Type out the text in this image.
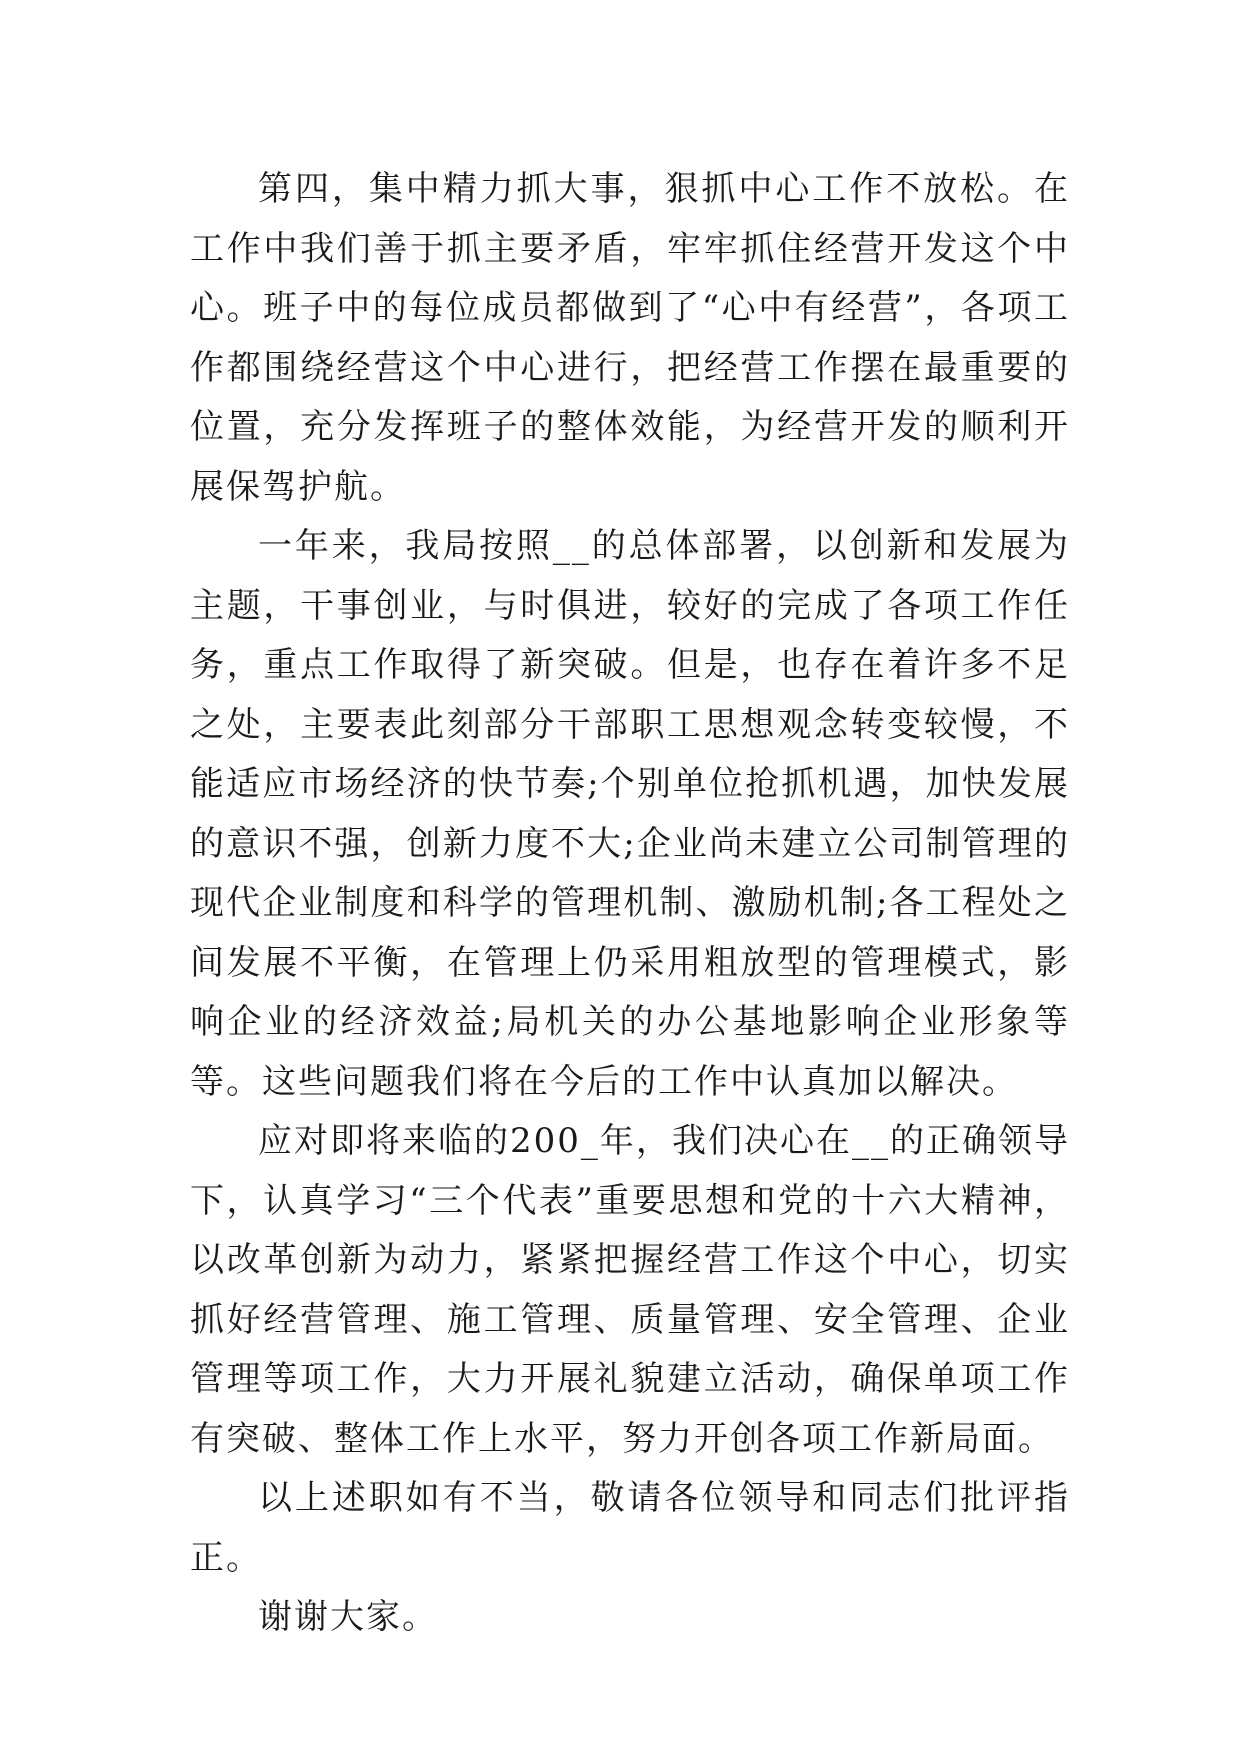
第四，集中精力抓大事，狠抓中心工作不放松。在工作中我们善于抓主要矛盾，牢牢抓住经营开发这个中心。班子中的每位成员都做到了“心中有经营”，各项工作都围绕经营这个中心进行，把经营工作摆在最重要的位置，充分发挥班子的整体效能，为经营开发的顺利开展保驾护航。

一年来，我局按照__的总体部署，以创新和发展为主题，干事创业，与时俱进，较好的完成了各项工作任务，重点工作取得了新突破。但是，也存在着许多不足之处，主要表此刻部分干部职工思想观念转变较慢，不能适应市场经济的快节奏;个别单位抢抓机遇，加快发展的意识不强，创新力度不大;企业尚未建立公司制管理的现代企业制度和科学的管理机制、激励机制;各工程处之间发展不平衡，在管理上仍采用粗放型的管理模式，影响企业的经济效益;局机关的办公基地影响企业形象等等。这些问题我们将在今后的工作中认真加以解决。

应对即将来临的200_年，我们决心在__的正确领导下，认真学习“三个代表”重要思想和党的十六大精神，以改革创新为动力，紧紧把握经营工作这个中心，切实抓好经营管理、施工管理、质量管理、安全管理、企业管理等项工作，大力开展礼貌建立活动，确保单项工作有突破、整体工作上水平，努力开创各项工作新局面。

以上述职如有不当，敬请各位领导和同志们批评指正。

谢谢大家。
